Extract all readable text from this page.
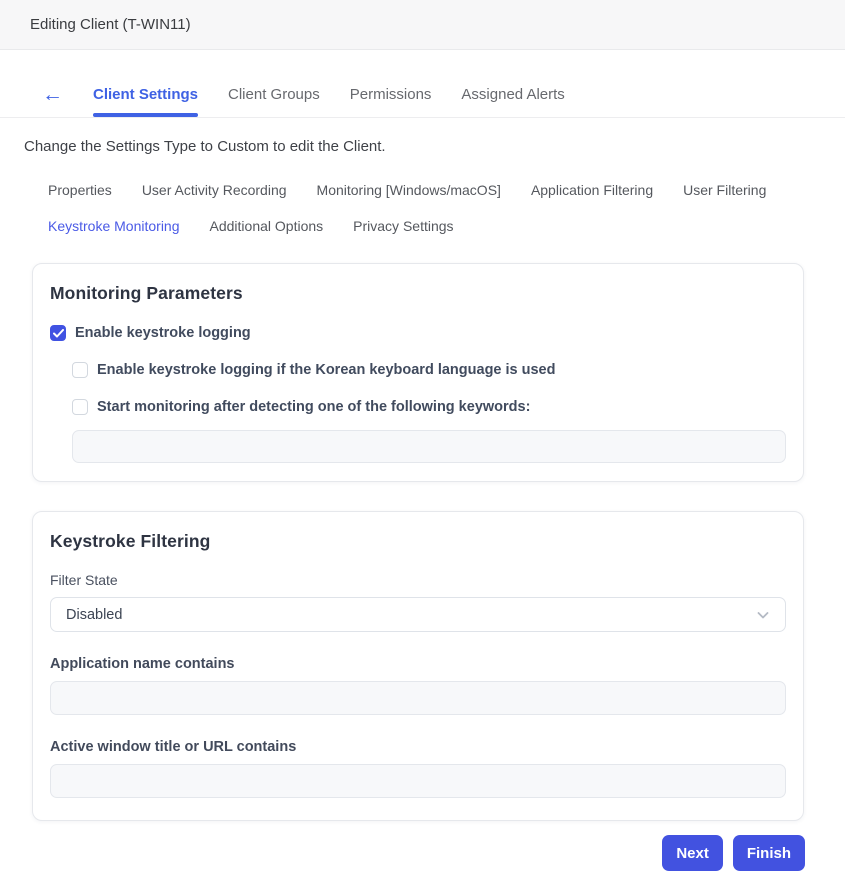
Editing Client (T-WIN11)
← Client Settings Client Groups Permissions Assigned Alerts
Change the Settings Type to Custom to edit the Client.
Properties User Activity Recording Monitoring [Windows/macOS] Application Filtering User Filtering
Keystroke Monitoring Additional Options Privacy Settings
Monitoring Parameters
Enable keystroke logging
Enable keystroke logging if the Korean keyboard language is used
Start monitoring after detecting one of the following keywords:
Keystroke Filtering
Filter State
Disabled
Application name contains
Active window title or URL contains
Next	Finish
